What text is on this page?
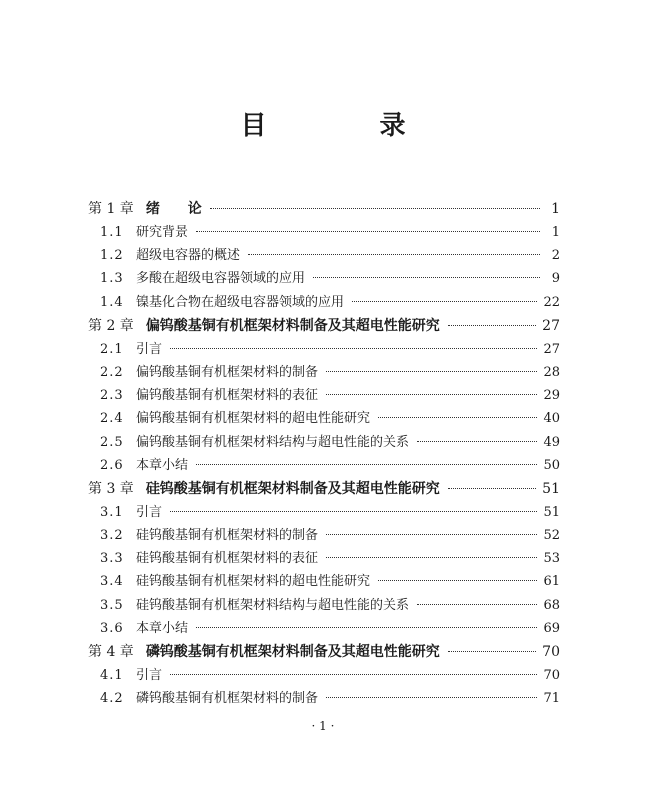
目 录
第 1 章 绪　　论	1
1.1 研究背景	1
1.2 超级电容器的概述	2
1.3 多酸在超级电容器领域的应用	9
1.4 镍基化合物在超级电容器领域的应用	22
第 2 章 偏钨酸基铜有机框架材料制备及其超电性能研究	27
2.1 引言	27
2.2 偏钨酸基铜有机框架材料的制备	28
2.3 偏钨酸基铜有机框架材料的表征	29
2.4 偏钨酸基铜有机框架材料的超电性能研究	40
2.5 偏钨酸基铜有机框架材料结构与超电性能的关系	49
2.6 本章小结	50
第 3 章 硅钨酸基铜有机框架材料制备及其超电性能研究	51
3.1 引言	51
3.2 硅钨酸基铜有机框架材料的制备	52
3.3 硅钨酸基铜有机框架材料的表征	53
3.4 硅钨酸基铜有机框架材料的超电性能研究	61
3.5 硅钨酸基铜有机框架材料结构与超电性能的关系	68
3.6 本章小结	69
第 4 章 磷钨酸基铜有机框架材料制备及其超电性能研究	70
4.1 引言	70
4.2 磷钨酸基铜有机框架材料的制备	71
· 1 ·
